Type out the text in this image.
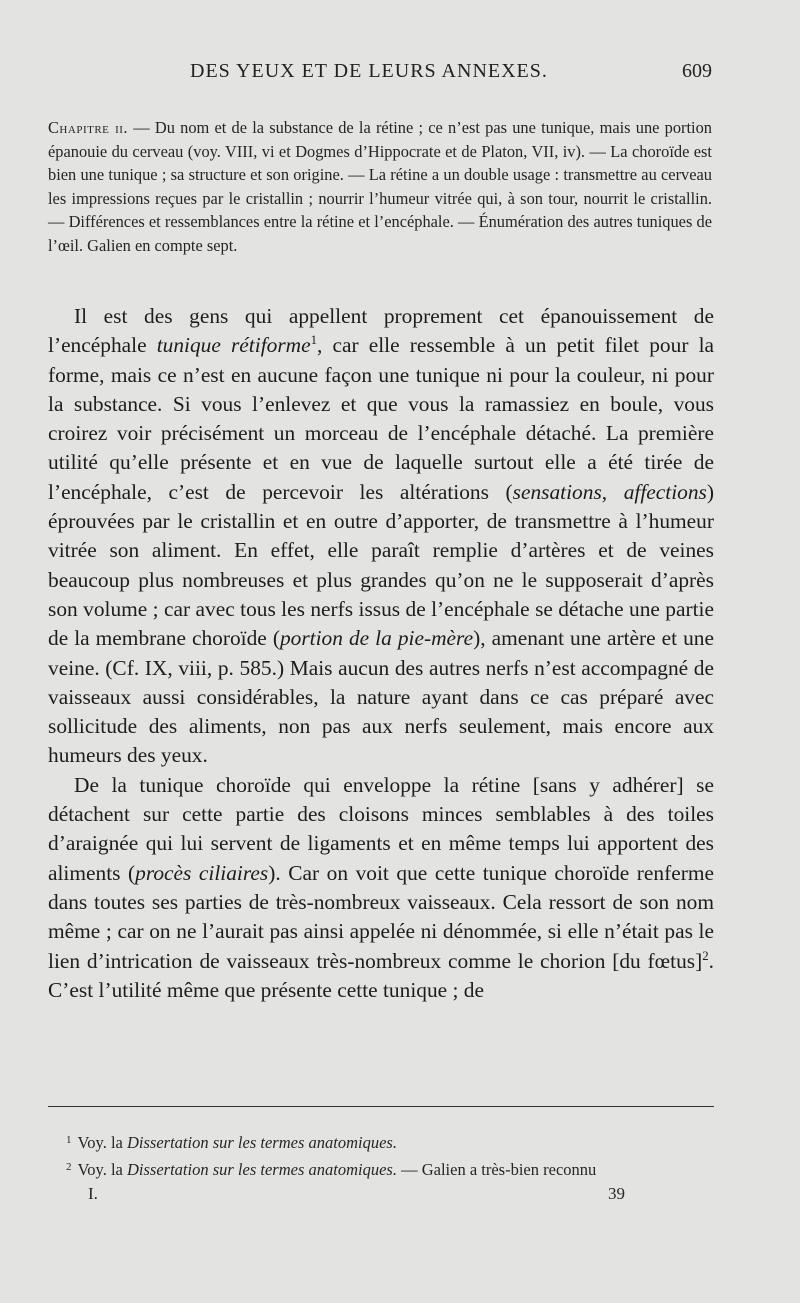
DES YEUX ET DE LEURS ANNEXES.	609
Chapitre ii. — Du nom et de la substance de la rétine ; ce n’est pas une tunique, mais une portion épanouie du cerveau (voy. VIII, vi et Dogmes d’Hippocrate et de Platon, VII, iv). — La choroïde est bien une tunique ; sa structure et son origine. — La rétine a un double usage : transmettre au cerveau les impressions reçues par le cristallin ; nourrir l’humeur vitrée qui, à son tour, nourrit le cristallin. — Différences et ressemblances entre la rétine et l’encéphale. — Énumération des autres tuniques de l’œil. Galien en compte sept.

Il est des gens qui appellent proprement cet épanouissement de l’encéphale tunique rétiforme$^1$, car elle ressemble à un petit filet pour la forme, mais ce n’est en aucune façon une tunique ni pour la couleur, ni pour la substance. Si vous l’enlevez et que vous la ramassiez en boule, vous croirez voir précisément un morceau de l’encéphale détaché. La première utilité qu’elle présente et en vue de laquelle surtout elle a été tirée de l’encéphale, c’est de percevoir les altérations (sensations, affections) éprouvées par le cristallin et en outre d’apporter, de transmettre à l’humeur vitrée son aliment. En effet, elle paraît remplie d’artères et de veines beaucoup plus nombreuses et plus grandes qu’on ne le supposerait d’après son volume ; car avec tous les nerfs issus de l’encéphale se détache une partie de la membrane choroïde (portion de la pie-mère), amenant une artère et une veine. (Cf. IX, viii, p. 585.) Mais aucun des autres nerfs n’est accompagné de vaisseaux aussi considérables, la nature ayant dans ce cas préparé avec sollicitude des aliments, non pas aux nerfs seulement, mais encore aux humeurs des yeux.

De la tunique choroïde qui enveloppe la rétine [sans y adhérer] se détachent sur cette partie des cloisons minces semblables à des toiles d’araignée qui lui servent de ligaments et en même temps lui apportent des aliments (procès ciliaires). Car on voit que cette tunique choroïde renferme dans toutes ses parties de très-nombreux vaisseaux. Cela ressort de son nom même ; car on ne l’aurait pas ainsi appelée ni dénommée, si elle n’était pas le lien d’intrication de vaisseaux très-nombreux comme le chorion [du fœtus]$^2$. C’est l’utilité même que présente cette tunique ; de

$^1$ Voy. la Dissertation sur les termes anatomiques.
$^2$ Voy. la Dissertation sur les termes anatomiques. — Galien a très-bien reconnu
I.	39
